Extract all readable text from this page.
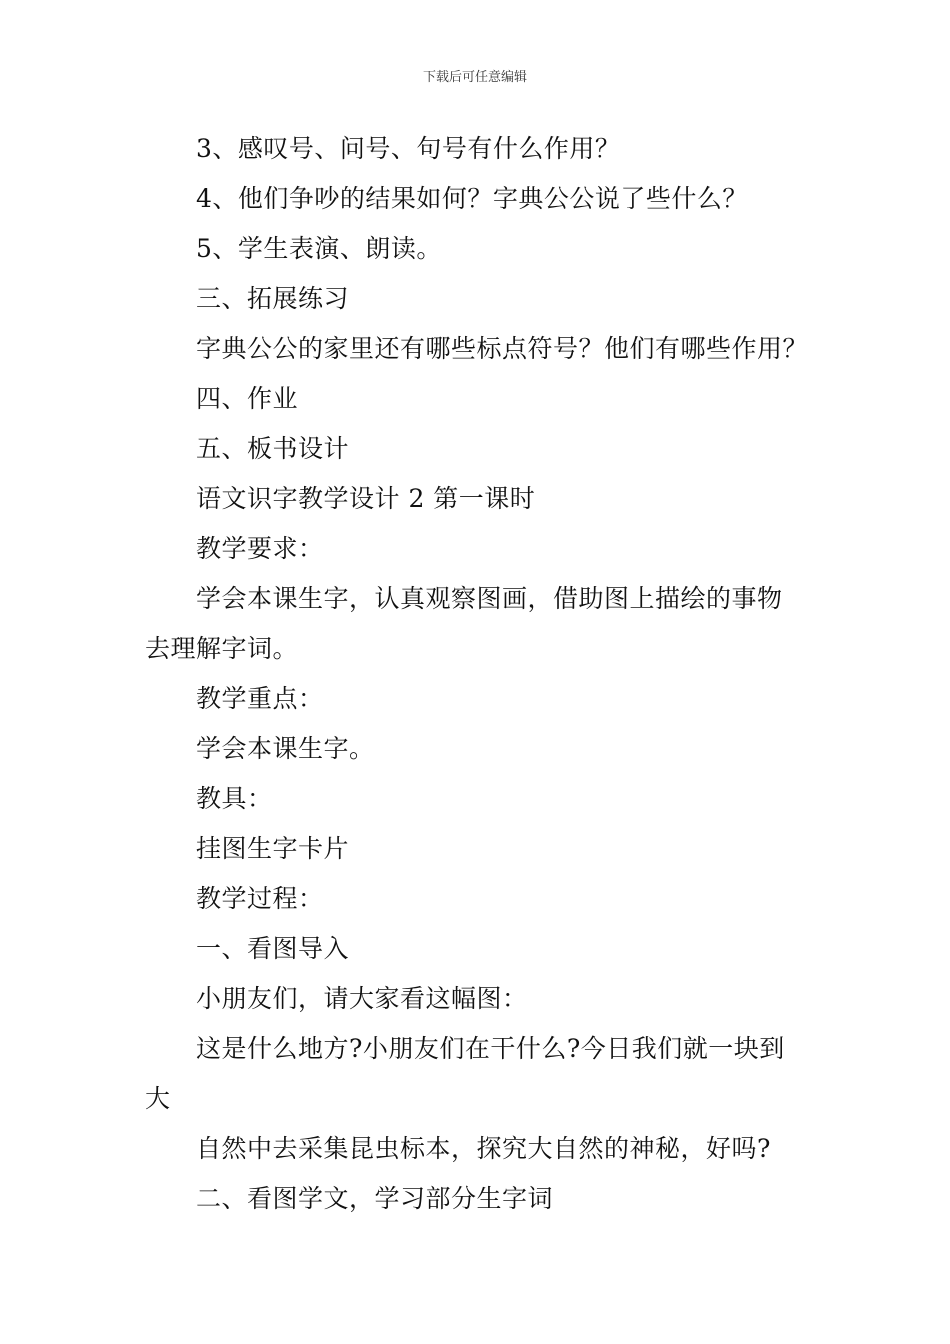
下载后可任意编辑
3、感叹号、问号、句号有什么作用？
4、他们争吵的结果如何？字典公公说了些什么？
5、学生表演、朗读。
三、拓展练习
字典公公的家里还有哪些标点符号？他们有哪些作用？
四、作业
五、板书设计
语文识字教学设计 2 第一课时
教学要求：
学会本课生字，认真观察图画，借助图上描绘的事物
去理解字词。
教学重点：
学会本课生字。
教具：
挂图生字卡片
教学过程：
一、看图导入
小朋友们，请大家看这幅图：
这是什么地方?小朋友们在干什么?今日我们就一块到
大
自然中去采集昆虫标本，探究大自然的神秘，好吗?
二、看图学文，学习部分生字词
